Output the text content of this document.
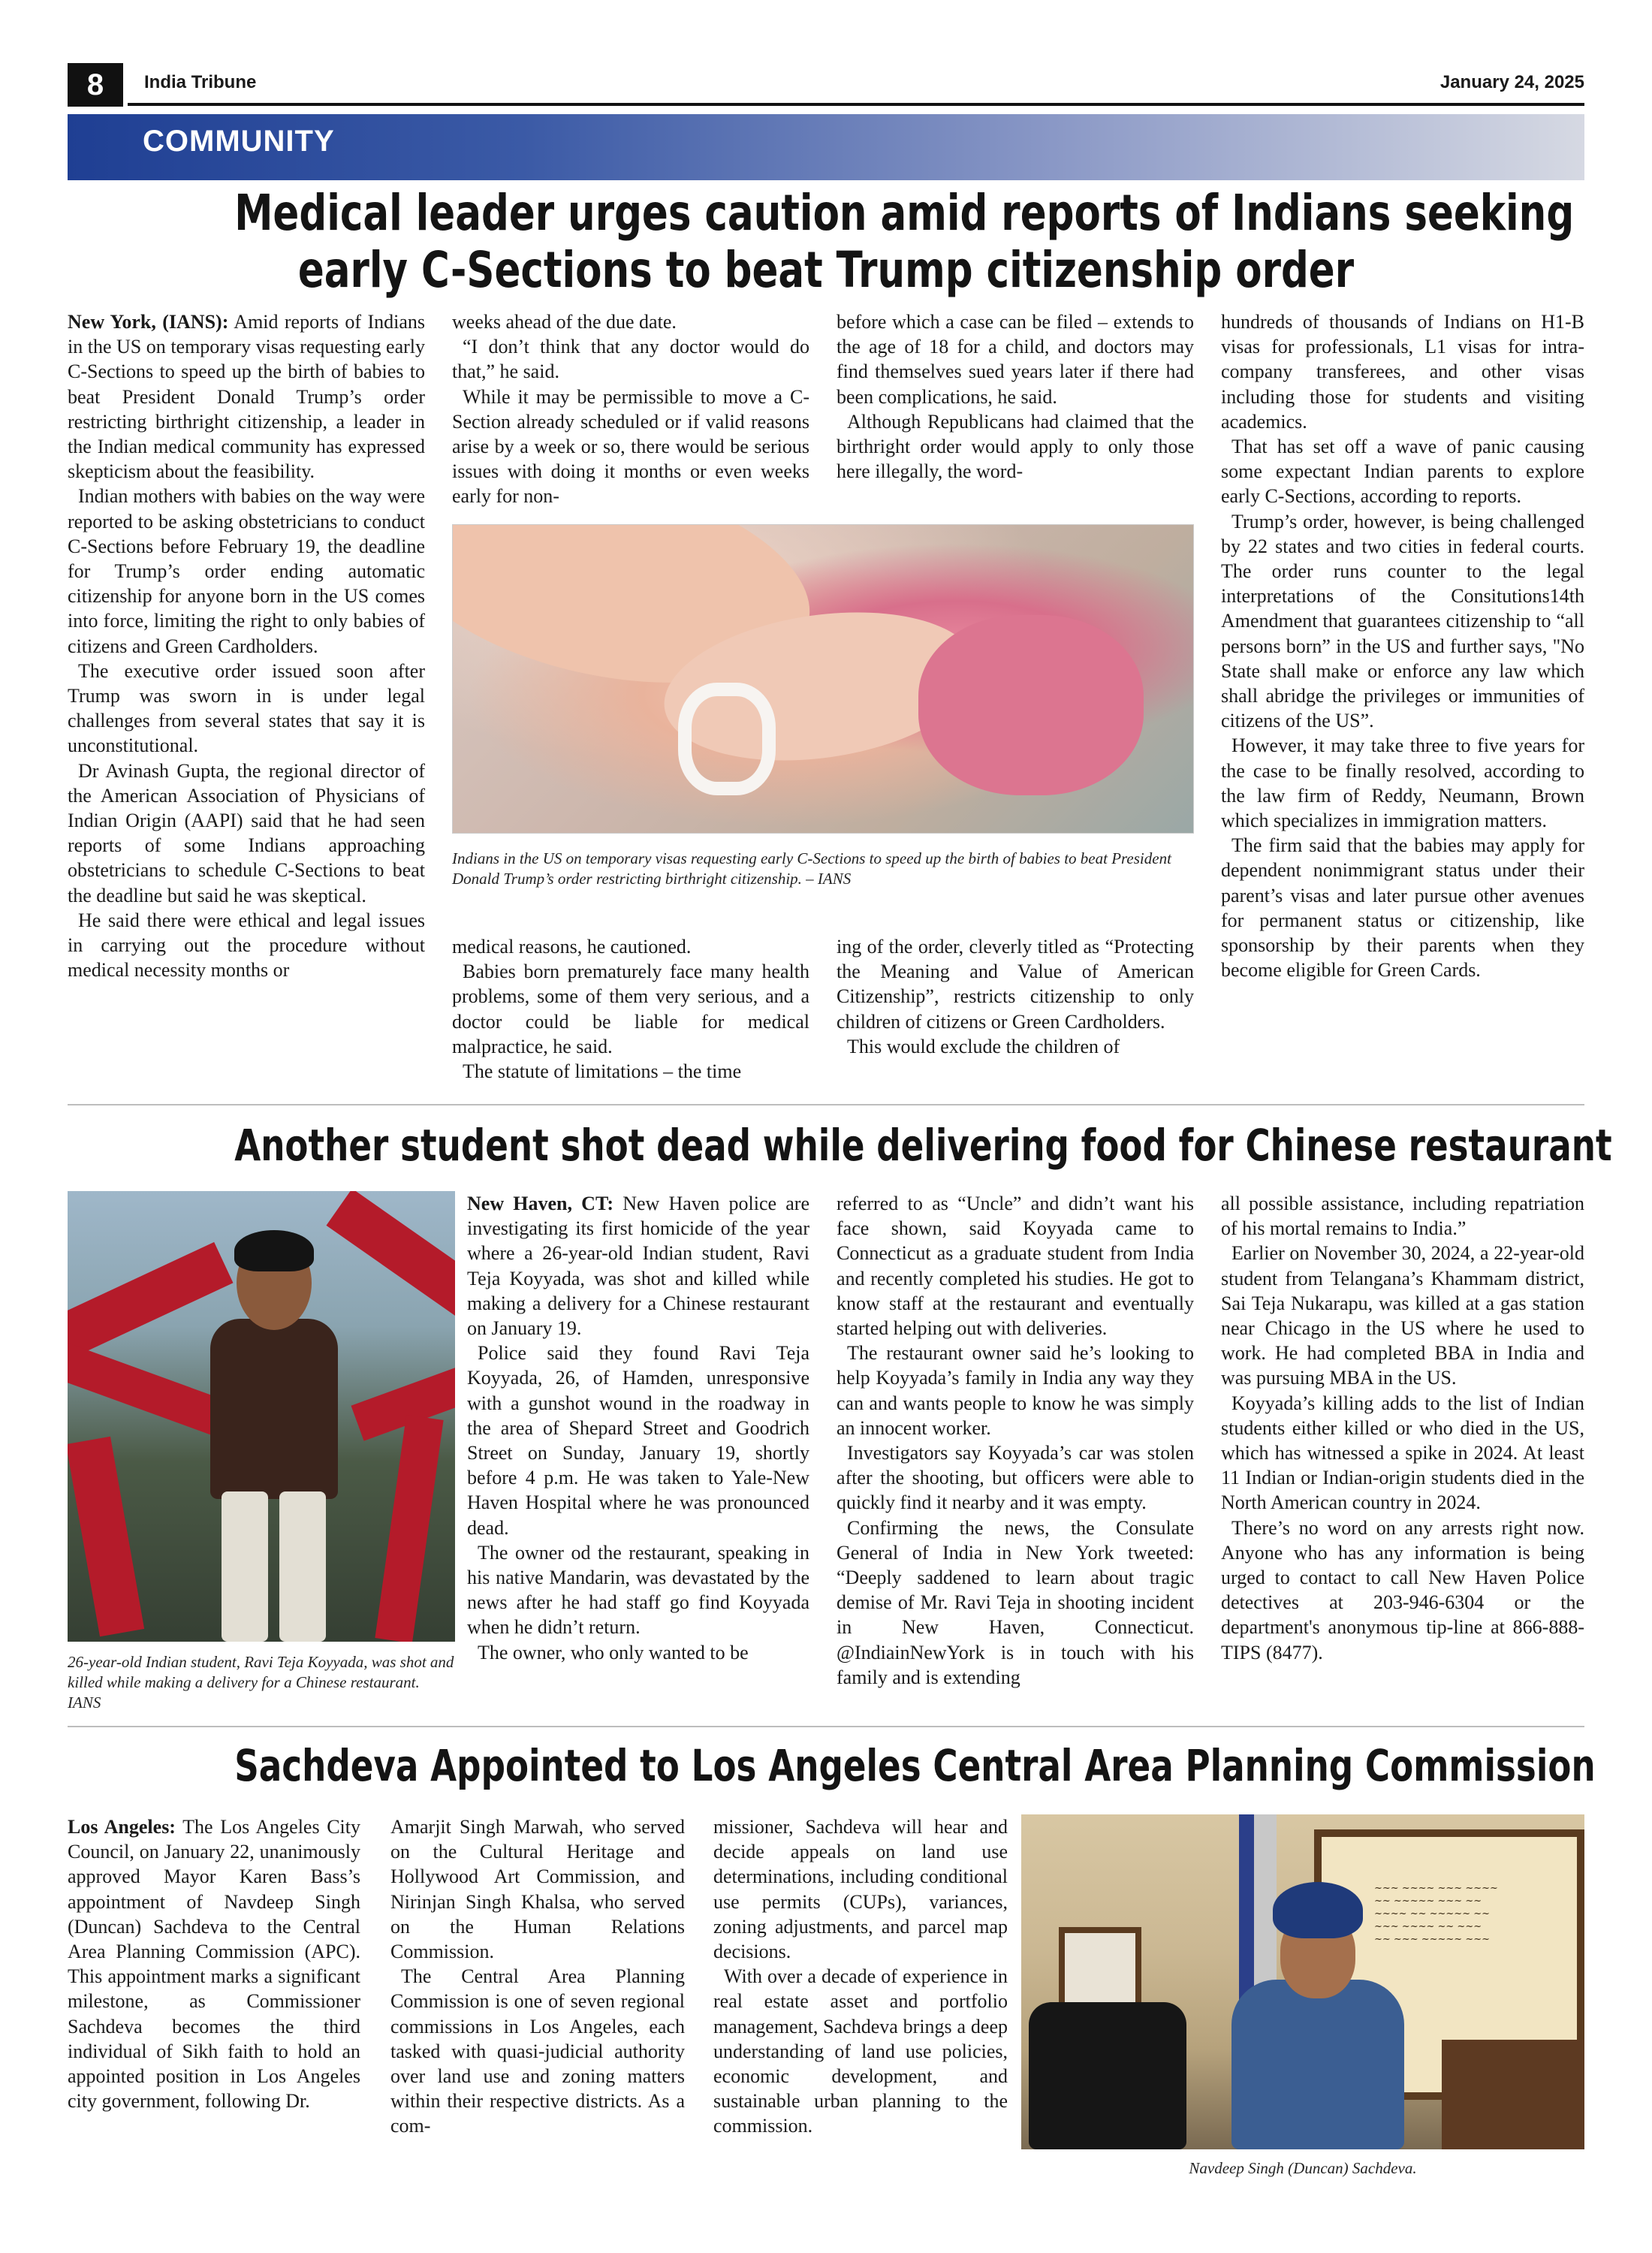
8	India Tribune	January 24, 2025
COMMUNITY
Medical leader urges caution amid reports of Indians seeking
early C-Sections to beat Trump citizenship order

New York, (IANS): Amid reports of Indians in the US on temporary visas requesting early C-Sections to speed up the birth of babies to beat President Donald Trump’s order restricting birthright citizenship, a leader in the Indian medical community has expressed skepticism about the feasibility.

Indian mothers with babies on the way were reported to be asking obstetricians to conduct C-Sections before February 19, the deadline for Trump’s order ending automatic citizenship for anyone born in the US comes into force, limiting the right to only babies of citizens and Green Cardholders.

The executive order issued soon after Trump was sworn in is under legal challenges from several states that say it is unconstitutional.

Dr Avinash Gupta, the regional director of the American Association of Physicians of Indian Origin (AAPI) said that he had seen reports of some Indians approaching obstetricians to schedule C-Sections to beat the deadline but said he was skeptical.

He said there were ethical and legal issues in carrying out the procedure without medical necessity months or

weeks ahead of the due date.

“I don’t think that any doctor would do that,” he said.

While it may be permissible to move a C-Section already scheduled or if valid reasons arise by a week or so, there would be serious issues with doing it months or even weeks early for non-

before which a case can be filed – extends to the age of 18 for a child, and doctors may find themselves sued years later if there had been complications, he said.

Although Republicans had claimed that the birthright order would apply to only those here illegally, the word-

Indians in the US on temporary visas requesting early C-Sections to speed up the birth of babies to beat President Donald Trump’s order restricting birthright citizenship. – IANS

medical reasons, he cautioned.

Babies born prematurely face many health problems, some of them very serious, and a doctor could be liable for medical malpractice, he said.

The statute of limitations – the time

ing of the order, cleverly titled as “Protecting the Meaning and Value of American Citizenship”, restricts citizenship to only children of citizens or Green Cardholders.

This would exclude the children of

hundreds of thousands of Indians on H1-B visas for professionals, L1 visas for intra-company transferees, and other visas including those for students and visiting academics.

That has set off a wave of panic causing some expectant Indian parents to explore early C-Sections, according to reports.

Trump’s order, however, is being challenged by 22 states and two cities in federal courts. The order runs counter to the legal interpretations of the Consitutions14th Amendment that guarantees citizenship to “all persons born” in the US and further says, "No State shall make or enforce any law which shall abridge the privileges or immunities of citizens of the US”.

However, it may take three to five years for the case to be finally resolved, according to the law firm of Reddy, Neumann, Brown which specializes in immigration matters.

The firm said that the babies may apply for dependent nonimmigrant status under their parent’s visas and later pursue other avenues for permanent status or citizenship, like sponsorship by their parents when they become eligible for Green Cards.

Another student shot dead while delivering food for Chinese restaurant
26-year-old Indian student, Ravi Teja Koyyada, was shot and killed while making a delivery for a Chinese restaurant. IANS

New Haven, CT: New Haven police are investigating its first homicide of the year where a 26-year-old Indian student, Ravi Teja Koyyada, was shot and killed while making a delivery for a Chinese restaurant on January 19.

Police said they found Ravi Teja Koyyada, 26, of Hamden, unresponsive with a gunshot wound in the roadway in the area of Shepard Street and Goodrich Street on Sunday, January 19, shortly before 4 p.m. He was taken to Yale-New Haven Hospital where he was pronounced dead.

The owner od the restaurant, speaking in his native Mandarin, was devastated by the news after he had staff go find Koyyada when he didn’t return.

The owner, who only wanted to be

referred to as “Uncle” and didn’t want his face shown, said Koyyada came to Connecticut as a graduate student from India and recently completed his studies. He got to know staff at the restaurant and eventually started helping out with deliveries.

The restaurant owner said he’s looking to help Koyyada’s family in India any way they can and wants people to know he was simply an innocent worker.

Investigators say Koyyada’s car was stolen after the shooting, but officers were able to quickly find it nearby and it was empty.

Confirming the news, the Consulate General of India in New York tweeted: “Deeply saddened to learn about tragic demise of Mr. Ravi Teja in shooting incident in New Haven, Connecticut. @IndiainNewYork is in touch with his family and is extending

all possible assistance, including repatriation of his mortal remains to India.”

Earlier on November 30, 2024, a 22-year-old student from Telangana’s Khammam district, Sai Teja Nukarapu, was killed at a gas station near Chicago in the US where he used to work. He had completed BBA in India and was pursuing MBA in the US.

Koyyada’s killing adds to the list of Indian students either killed or who died in the US, which has witnessed a spike in 2024. At least 11 Indian or Indian-origin students died in the North American country in 2024.

There’s no word on any arrests right now. Anyone who has any information is being urged to contact to call New Haven Police detectives at 203-946-6304 or the department's anonymous tip-line at 866-888-TIPS (8477).

Sachdeva Appointed to Los Angeles Central Area Planning Commission

Los Angeles: The Los Angeles City Council, on January 22, unanimously approved Mayor Karen Bass’s appointment of Navdeep Singh (Duncan) Sachdeva to the Central Area Planning Commission (APC). This appointment marks a significant milestone, as Commissioner Sachdeva becomes the third individual of Sikh faith to hold an appointed position in Los Angeles city government, following Dr.

Amarjit Singh Marwah, who served on the Cultural Heritage and Hollywood Art Commission, and Nirinjan Singh Khalsa, who served on the Human Relations Commission.

The Central Area Planning Commission is one of seven regional commissions in Los Angeles, each tasked with quasi-judicial authority over land use and zoning matters within their respective districts. As a com-

missioner, Sachdeva will hear and decide appeals on land use determinations, including conditional use permits (CUPs), variances, zoning adjustments, and parcel map decisions.

With over a decade of experience in real estate asset and portfolio management, Sachdeva brings a deep understanding of land use policies, economic development, and sustainable urban planning to the commission.

~~~ ~~~~ ~~~ ~~~~
~~ ~~~~~ ~~~ ~~
~~~~ ~~ ~~~~~ ~~
~~~ ~~~~ ~~ ~~~
~~ ~~~ ~~~~~ ~~~
Navdeep Singh (Duncan) Sachdeva.
